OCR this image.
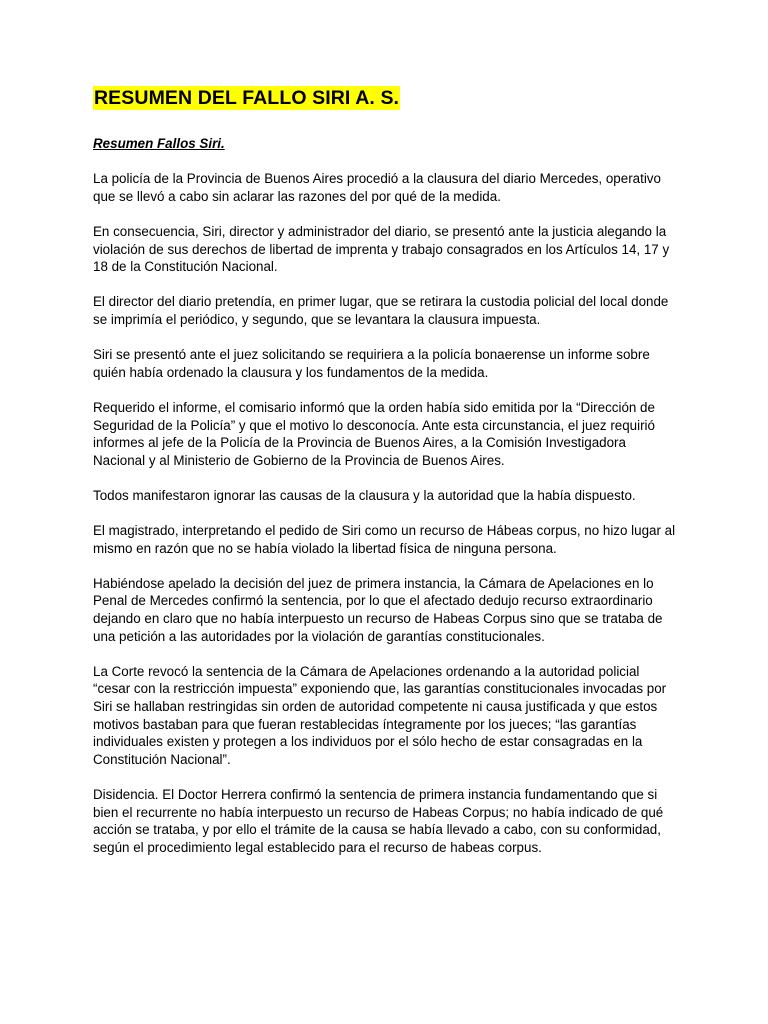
RESUMEN DEL FALLO SIRI A. S.

Resumen Fallos Siri.

La policía de la Provincia de Buenos Aires procedió a la clausura del diario Mercedes, operativo que se llevó a cabo sin aclarar las razones del por qué de la medida.

En consecuencia, Siri, director y administrador del diario, se presentó ante la justicia alegando la violación de sus derechos de libertad de imprenta y trabajo consagrados en los Artículos 14, 17 y 18 de la Constitución Nacional.

El director del diario pretendía, en primer lugar, que se retirara la custodia policial del local donde se imprimía el periódico, y segundo, que se levantara la clausura impuesta.

Siri se presentó ante el juez solicitando se requiriera a la policía bonaerense un informe sobre quién había ordenado la clausura y los fundamentos de la medida.

Requerido el informe, el comisario informó que la orden había sido emitida por la “Dirección de Seguridad de la Policía” y que el motivo lo desconocía. Ante esta circunstancia, el juez requirió informes al jefe de la Policía de la Provincia de Buenos Aires, a la Comisión Investigadora Nacional y al Ministerio de Gobierno de la Provincia de Buenos Aires.

Todos manifestaron ignorar las causas de la clausura y la autoridad que la había dispuesto.

El magistrado, interpretando el pedido de Siri como un recurso de Hábeas corpus, no hizo lugar al mismo en razón que no se había violado la libertad física de ninguna persona.

Habiéndose apelado la decisión del juez de primera instancia, la Cámara de Apelaciones en lo Penal de Mercedes confirmó la sentencia, por lo que el afectado dedujo recurso extraordinario dejando en claro que no había interpuesto un recurso de Habeas Corpus sino que se trataba de una petición a las autoridades por la violación de garantías constitucionales.

La Corte revocó la sentencia de la Cámara de Apelaciones ordenando a la autoridad policial “cesar con la restricción impuesta” exponiendo que, las garantías constitucionales invocadas por Siri se hallaban restringidas sin orden de autoridad competente ni causa justificada y que estos motivos bastaban para que fueran restablecidas íntegramente por los jueces; “las garantías individuales existen y protegen a los individuos por el sólo hecho de estar consagradas en la Constitución Nacional”.

Disidencia. El Doctor Herrera confirmó la sentencia de primera instancia fundamentando que si bien el recurrente no había interpuesto un recurso de Habeas Corpus; no había indicado de qué acción se trataba, y por ello el trámite de la causa se había llevado a cabo, con su conformidad, según el procedimiento legal establecido para el recurso de habeas corpus.
